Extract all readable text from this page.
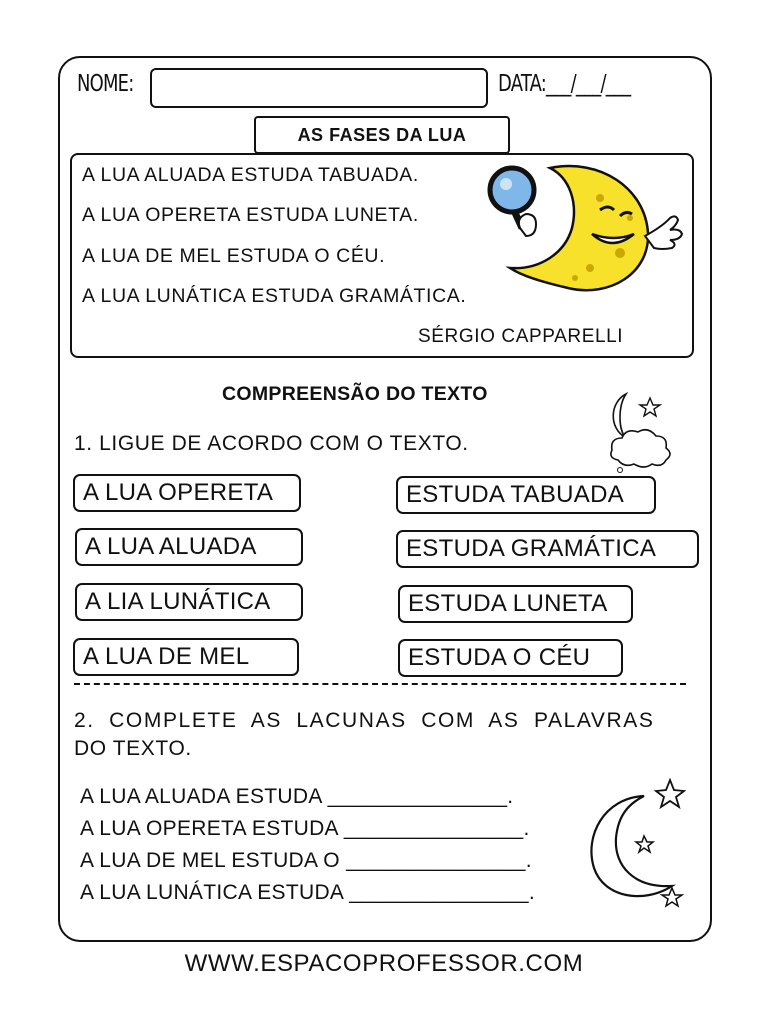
NOME:	DATA:___/___/___
AS FASES DA LUA
A LUA ALUADA ESTUDA TABUADA.
A LUA OPERETA ESTUDA LUNETA.
A LUA DE MEL ESTUDA O CÉU.
A LUA LUNÁTICA ESTUDA GRAMÁTICA.
SÉRGIO CAPPARELLI
COMPREENSÃO DO TEXTO
1. LIGUE DE ACORDO COM O TEXTO.
A LUA OPERETA
A LUA ALUADA
A LIA LUNÁTICA
A LUA DE MEL
ESTUDA TABUADA
ESTUDA GRAMÁTICA
ESTUDA LUNETA
ESTUDA O CÉU
2. COMPLETE AS LACUNAS COM AS PALAVRAS
DO TEXTO.
A LUA ALUADA ESTUDA _______________.
A LUA OPERETA ESTUDA _______________.
A LUA DE MEL ESTUDA O _______________.
A LUA LUNÁTICA ESTUDA _______________.
WWW.ESPACOPROFESSOR.COM
